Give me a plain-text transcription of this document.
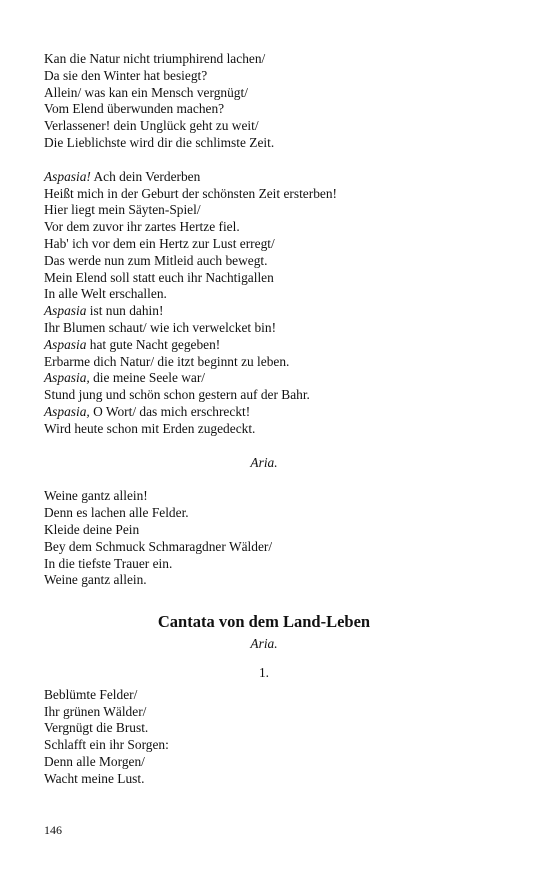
Kan die Natur nicht triumphirend lachen/
Da sie den Winter hat besiegt?
Allein/ was kan ein Mensch vergnügt/
Vom Elend überwunden machen?
Verlassener! dein Unglück geht zu weit/
Die Lieblichste wird dir die schlimste Zeit.
Aspasia! Ach dein Verderben
Heißt mich in der Geburt der schönsten Zeit ersterben!
Hier liegt mein Säyten-Spiel/
Vor dem zuvor ihr zartes Hertze fiel.
Hab' ich vor dem ein Hertz zur Lust erregt/
Das werde nun zum Mitleid auch bewegt.
Mein Elend soll statt euch ihr Nachtigallen
In alle Welt erschallen.
Aspasia ist nun dahin!
Ihr Blumen schaut/ wie ich verwelcket bin!
Aspasia hat gute Nacht gegeben!
Erbarme dich Natur/ die itzt beginnt zu leben.
Aspasia, die meine Seele war/
Stund jung und schön schon gestern auf der Bahr.
Aspasia, O Wort/ das mich erschreckt!
Wird heute schon mit Erden zugedeckt.
Aria.
Weine gantz allein!
Denn es lachen alle Felder.
Kleide deine Pein
Bey dem Schmuck Schmaragdner Wälder/
In die tiefste Trauer ein.
Weine gantz allein.
Cantata von dem Land-Leben
Aria.
1.
Beblümte Felder/
Ihr grünen Wälder/
Vergnügt die Brust.
Schlafft ein ihr Sorgen:
Denn alle Morgen/
Wacht meine Lust.
146
